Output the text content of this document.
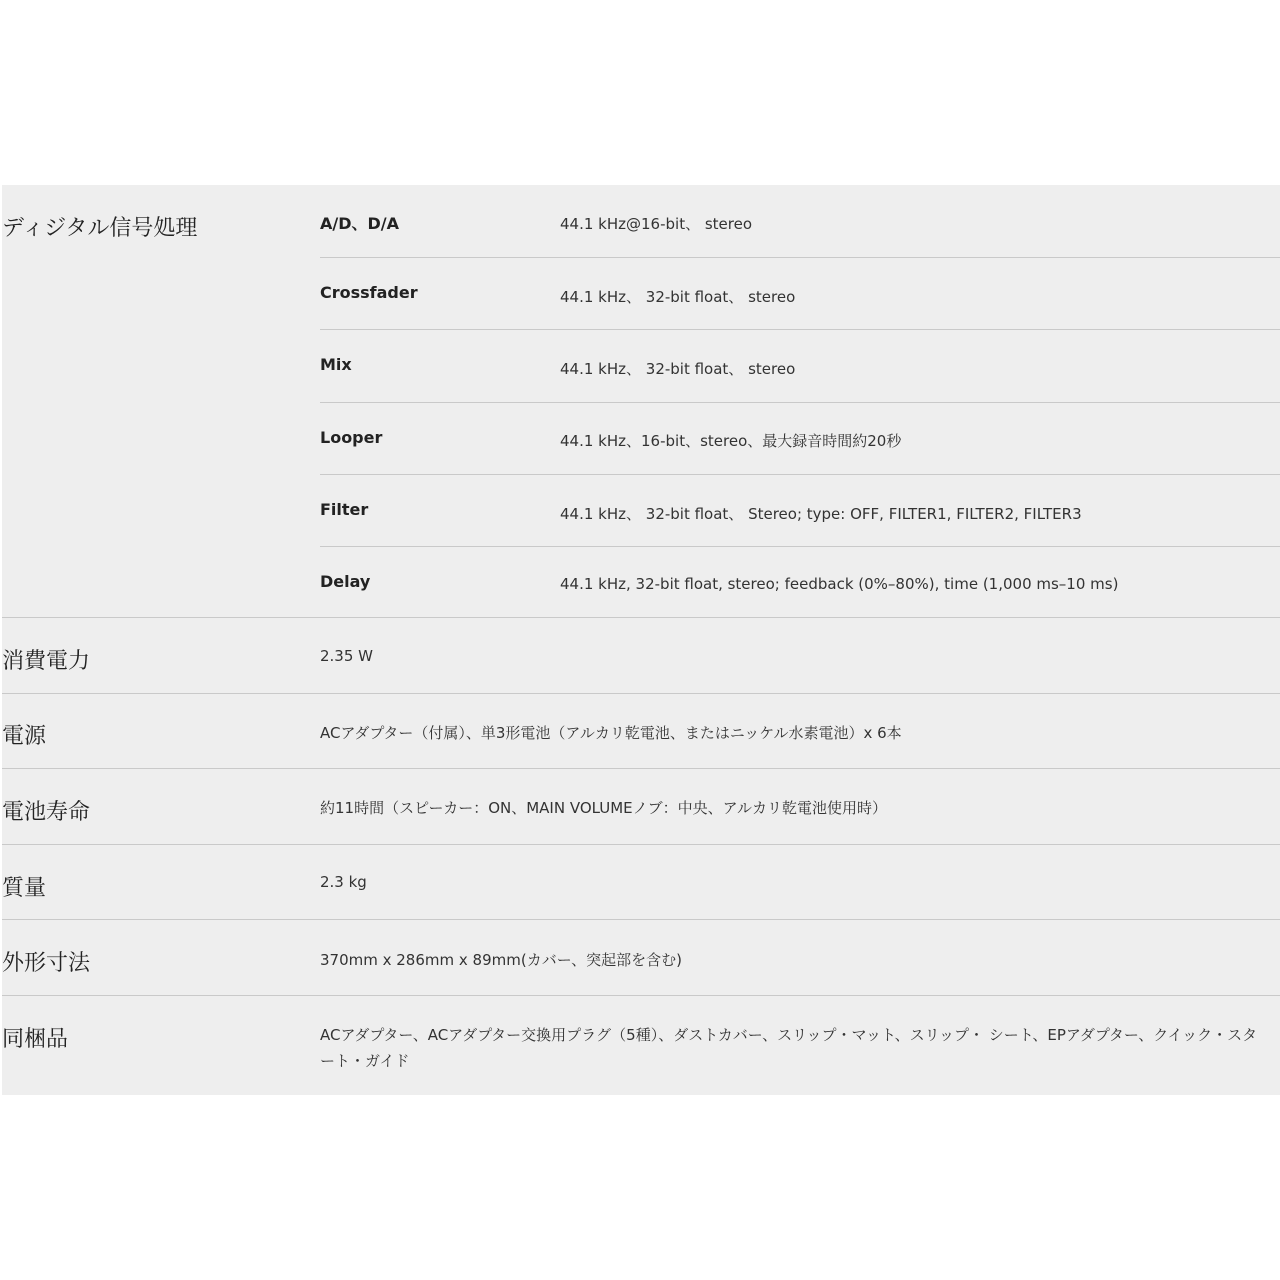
ディジタル信号処理	A/D、D/A	44.1 kHz@16-bit、 stereo
Crossfader	44.1 kHz、 32-bit float、 stereo
Mix	44.1 kHz、 32-bit float、 stereo
Looper	44.1 kHz、16-bit、stereo、最大録音時間約20秒
Filter	44.1 kHz、 32-bit float、 Stereo; type: OFF, FILTER1, FILTER2, FILTER3
Delay	44.1 kHz, 32-bit float, stereo; feedback (0%–80%), time (1,000 ms–10 ms)
消費電力	2.35 W
電源	ACアダプター（付属）、単3形電池（アルカリ乾電池、またはニッケル水素電池）x 6本
電池寿命	約11時間（スピーカー：ON、MAIN VOLUMEノブ：中央、アルカリ乾電池使用時）
質量	2.3 kg
外形寸法	370mm x 286mm x 89mm(カバー、突起部を含む)
同梱品	ACアダプター、ACアダプター交換用プラグ（5種）、ダストカバー、スリップ・マット、スリップ・ シート、EPアダプター、クイック・スタート・ガイド
